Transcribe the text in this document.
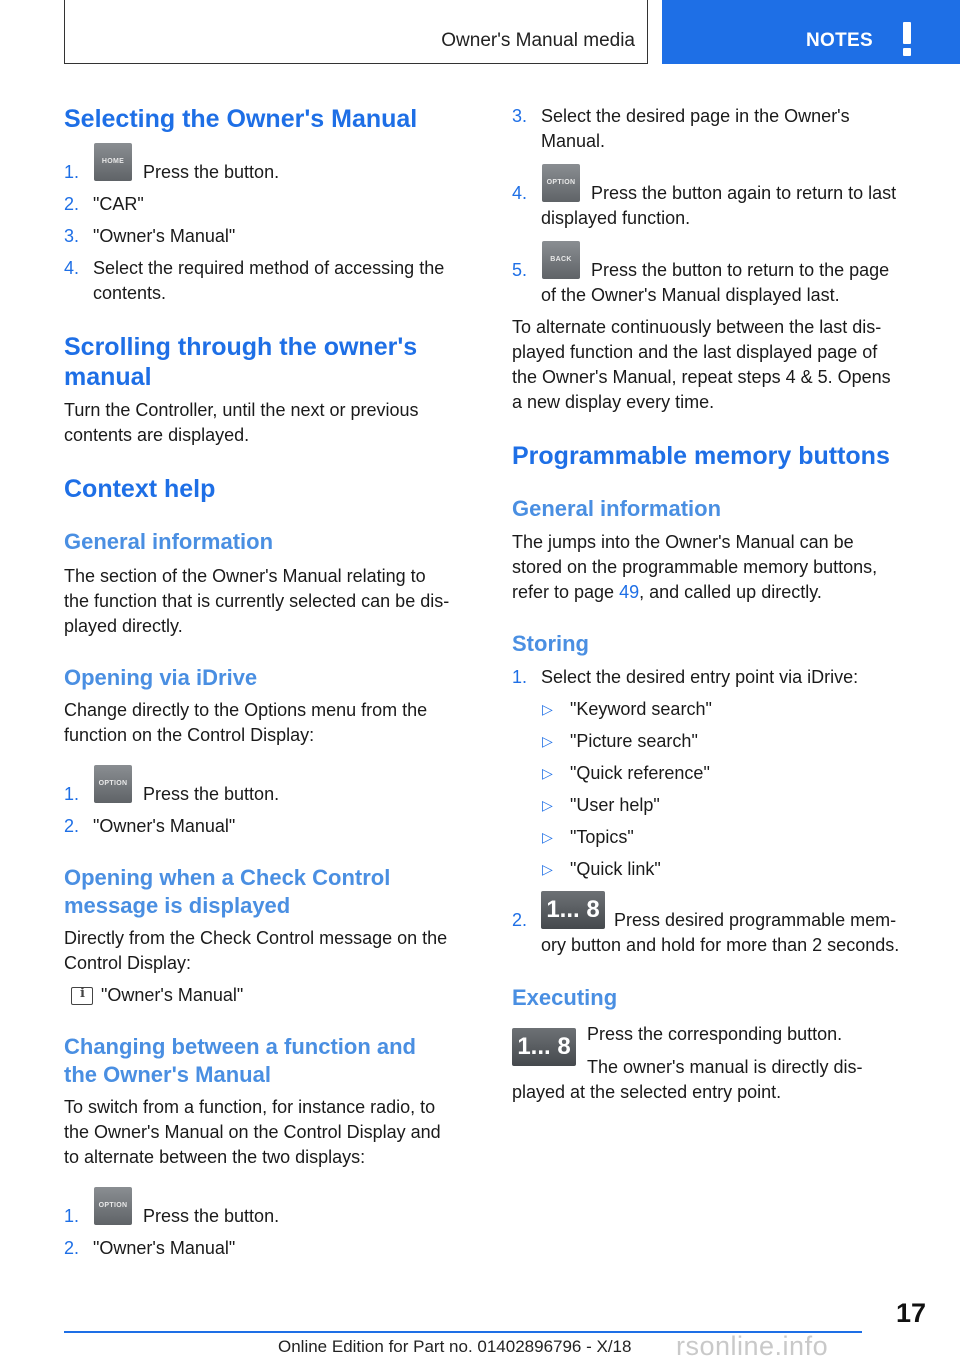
Owner's Manual media	NOTES
Selecting the Owner's Manual
1.
HOME
Press the button.
2. "CAR"
3. "Owner's Manual"
4. Select the required method of accessing the
contents.
Scrolling through the owner's
manual

Turn the Controller, until the next or previous

contents are displayed.

Context help
General information

The section of the Owner's Manual relating to

the function that is currently selected can be dis-

played directly.

Opening via iDrive

Change directly to the Options menu from the

function on the Control Display:

1.
OPTION
Press the button.
2. "Owner's Manual"
Opening when a Check Control
message is displayed

Directly from the Check Control message on the

Control Display:

i "Owner's Manual"
Changing between a function and
the Owner's Manual

To switch from a function, for instance radio, to

the Owner's Manual on the Control Display and

to alternate between the two displays:

1.
OPTION
Press the button.
2. "Owner's Manual"
3. Select the desired page in the Owner's
Manual.
4.
OPTION
Press the button again to return to last
displayed function.
5.
BACK
Press the button to return to the page
of the Owner's Manual displayed last.

To alternate continuously between the last dis-

played function and the last displayed page of

the Owner's Manual, repeat steps 4 & 5. Opens

a new display every time.

Programmable memory buttons
General information

The jumps into the Owner's Manual can be

stored on the programmable memory buttons,

refer to page 49, and called up directly.

Storing
1. Select the desired entry point via iDrive:
▷ "Keyword search"
▷ "Picture search"
▷ "Quick reference"
▷ "User help"
▷ "Topics"
▷ "Quick link"
2. 1... 8 Press desired programmable mem-
ory button and hold for more than 2 seconds.
Executing
1... 8 Press the corresponding button.
The owner's manual is directly dis-
played at the selected entry point.
17
rsonline.info
Online Edition for Part no. 01402896796 - X/18
